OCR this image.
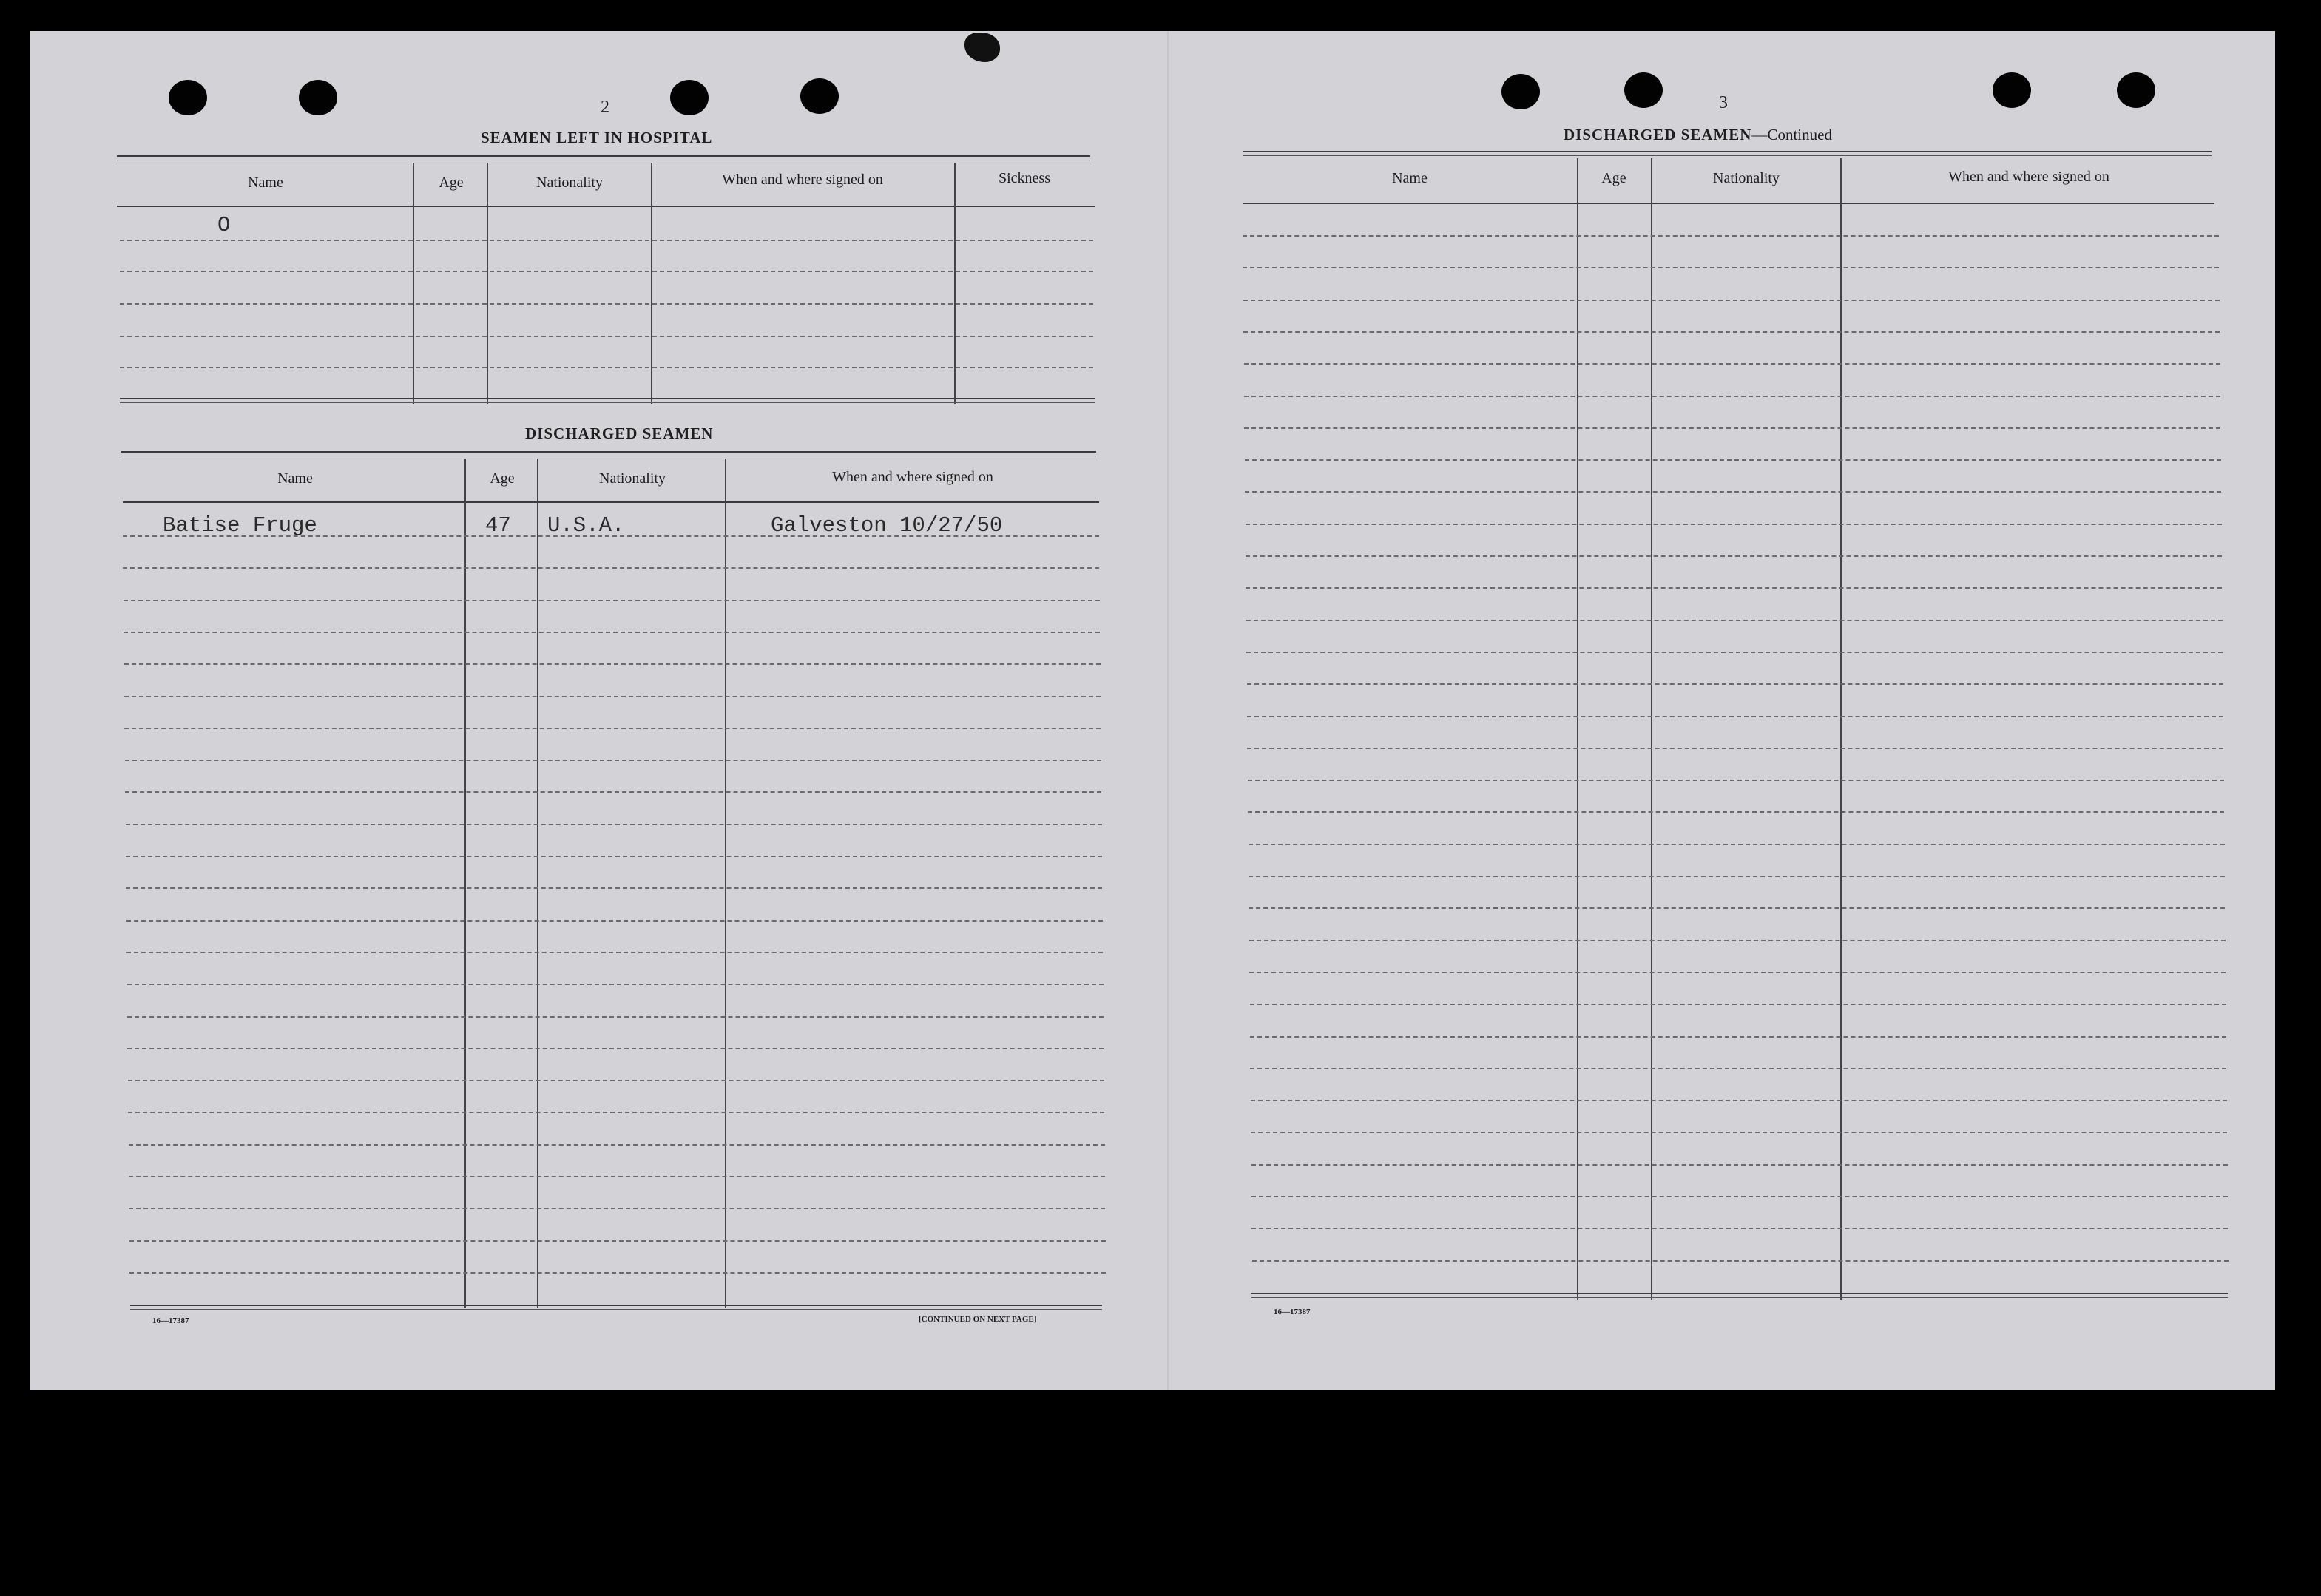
2
SEAMEN LEFT IN HOSPITAL
Name	Age	Nationality	When and where signed on	Sickness
O
DISCHARGED SEAMEN
Name	Age	Nationality	When and where signed on
Batise Fruge	47 U.S.A.	Galveston 10/27/50
16—17387	[CONTINUED ON NEXT PAGE]
3
DISCHARGED SEAMEN—Continued
Name	Age	Nationality	When and where signed on
16—17387
